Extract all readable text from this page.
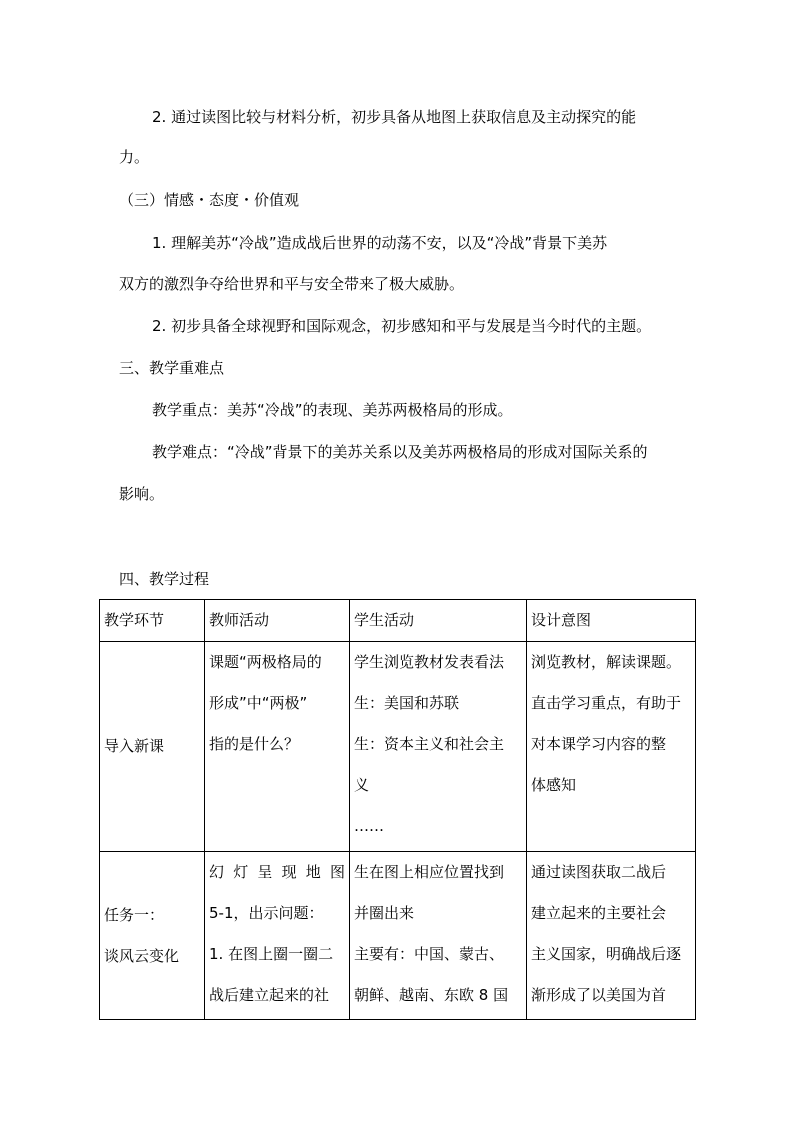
2. 通过读图比较与材料分析，初步具备从地图上获取信息及主动探究的能
力。
（三）情感・态度・价值观
1. 理解美苏“冷战”造成战后世界的动荡不安，以及“冷战”背景下美苏
双方的激烈争夺给世界和平与安全带来了极大威胁。
2. 初步具备全球视野和国际观念，初步感知和平与发展是当今时代的主题。
三、教学重难点
教学重点：美苏“冷战”的表现、美苏两极格局的形成。
教学难点：“冷战”背景下的美苏关系以及美苏两极格局的形成对国际关系的
影响。
四、教学过程
教学环节	教师活动	学生活动	设计意图

导入新课	课题“两极格局的
形成”中“两极”
指的是什么？	学生浏览教材发表看法
生：美国和苏联
生：资本主义和社会主
义
……	浏览教材，解读课题。
直击学习重点，有助于
对本课学习内容的整
体感知

任务一：
谈风云变化	幻灯呈现地图
5-1，出示问题：
1. 在图上圈一圈二
战后建立起来的社	生在图上相应位置找到
并圈出来
主要有：中国、蒙古、
朝鲜、越南、东欧 8 国	通过读图获取二战后
建立起来的主要社会
主义国家，明确战后逐
渐形成了以美国为首
